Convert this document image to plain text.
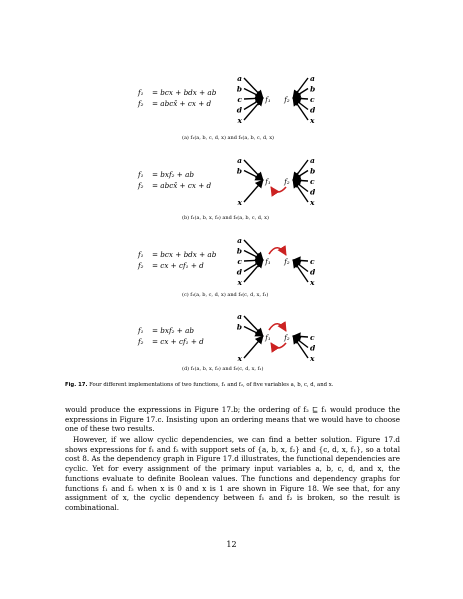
f₁ = bcx + bdx + ab
f₂ = abcx̄ + cx + d	f₁ f₂
a
b
c
d
x
a
b
c
d
x
f₁ = bxf₂ + ab
f₂ = abcx̄ + cx + d	f₁ f₂
a
b
x
a
b
c
d
x
f₁ = bcx + bdx + ab
f₂ = cx + cf₁ + d	f₁ f₂
a
b
c
d
x
c
d
x
f₁ = bxf₂ + ab
f₂ = cx + cf₁ + d	f₁ f₂
a
b
x
c
d
x
(a) f₁(a, b, c, d, x) and f₂(a, b, c, d, x)
(b) f₁(a, b, x, f₂) and f₂(a, b, c, d, x)
(c) f₁(a, b, c, d, x) and f₂(c, d, x, f₁)
(d) f₁(a, b, x, f₂) and f₂(c, d, x, f₁)
Fig. 17. Four different implementations of two functions, f₁ and f₂, of five variables a, b, c, d, and x.
would produce the expressions in Figure 17.b; the ordering of f₂ ⊑ f₁ would produce the expressions in Figure 17.c. Insisting upon an ordering means that we would have to choose one of these two results.
However, if we allow cyclic dependencies, we can find a better solution. Figure 17.d shows expressions for f₁ and f₂ with support sets of {a, b, x, f₂} and {c, d, x, f₁}, so a total cost 8. As the dependency graph in Figure 17.d illustrates, the functional dependencies are cyclic. Yet for every assignment of the primary input variables a, b, c, d, and x, the functions evaluate to definite Boolean values. The functions and dependency graphs for functions f₁ and f₂ when x is 0 and x is 1 are shown in Figure 18. We see that, for any assignment of x, the cyclic dependency between f₁ and f₂ is broken, so the result is combinational.
12
